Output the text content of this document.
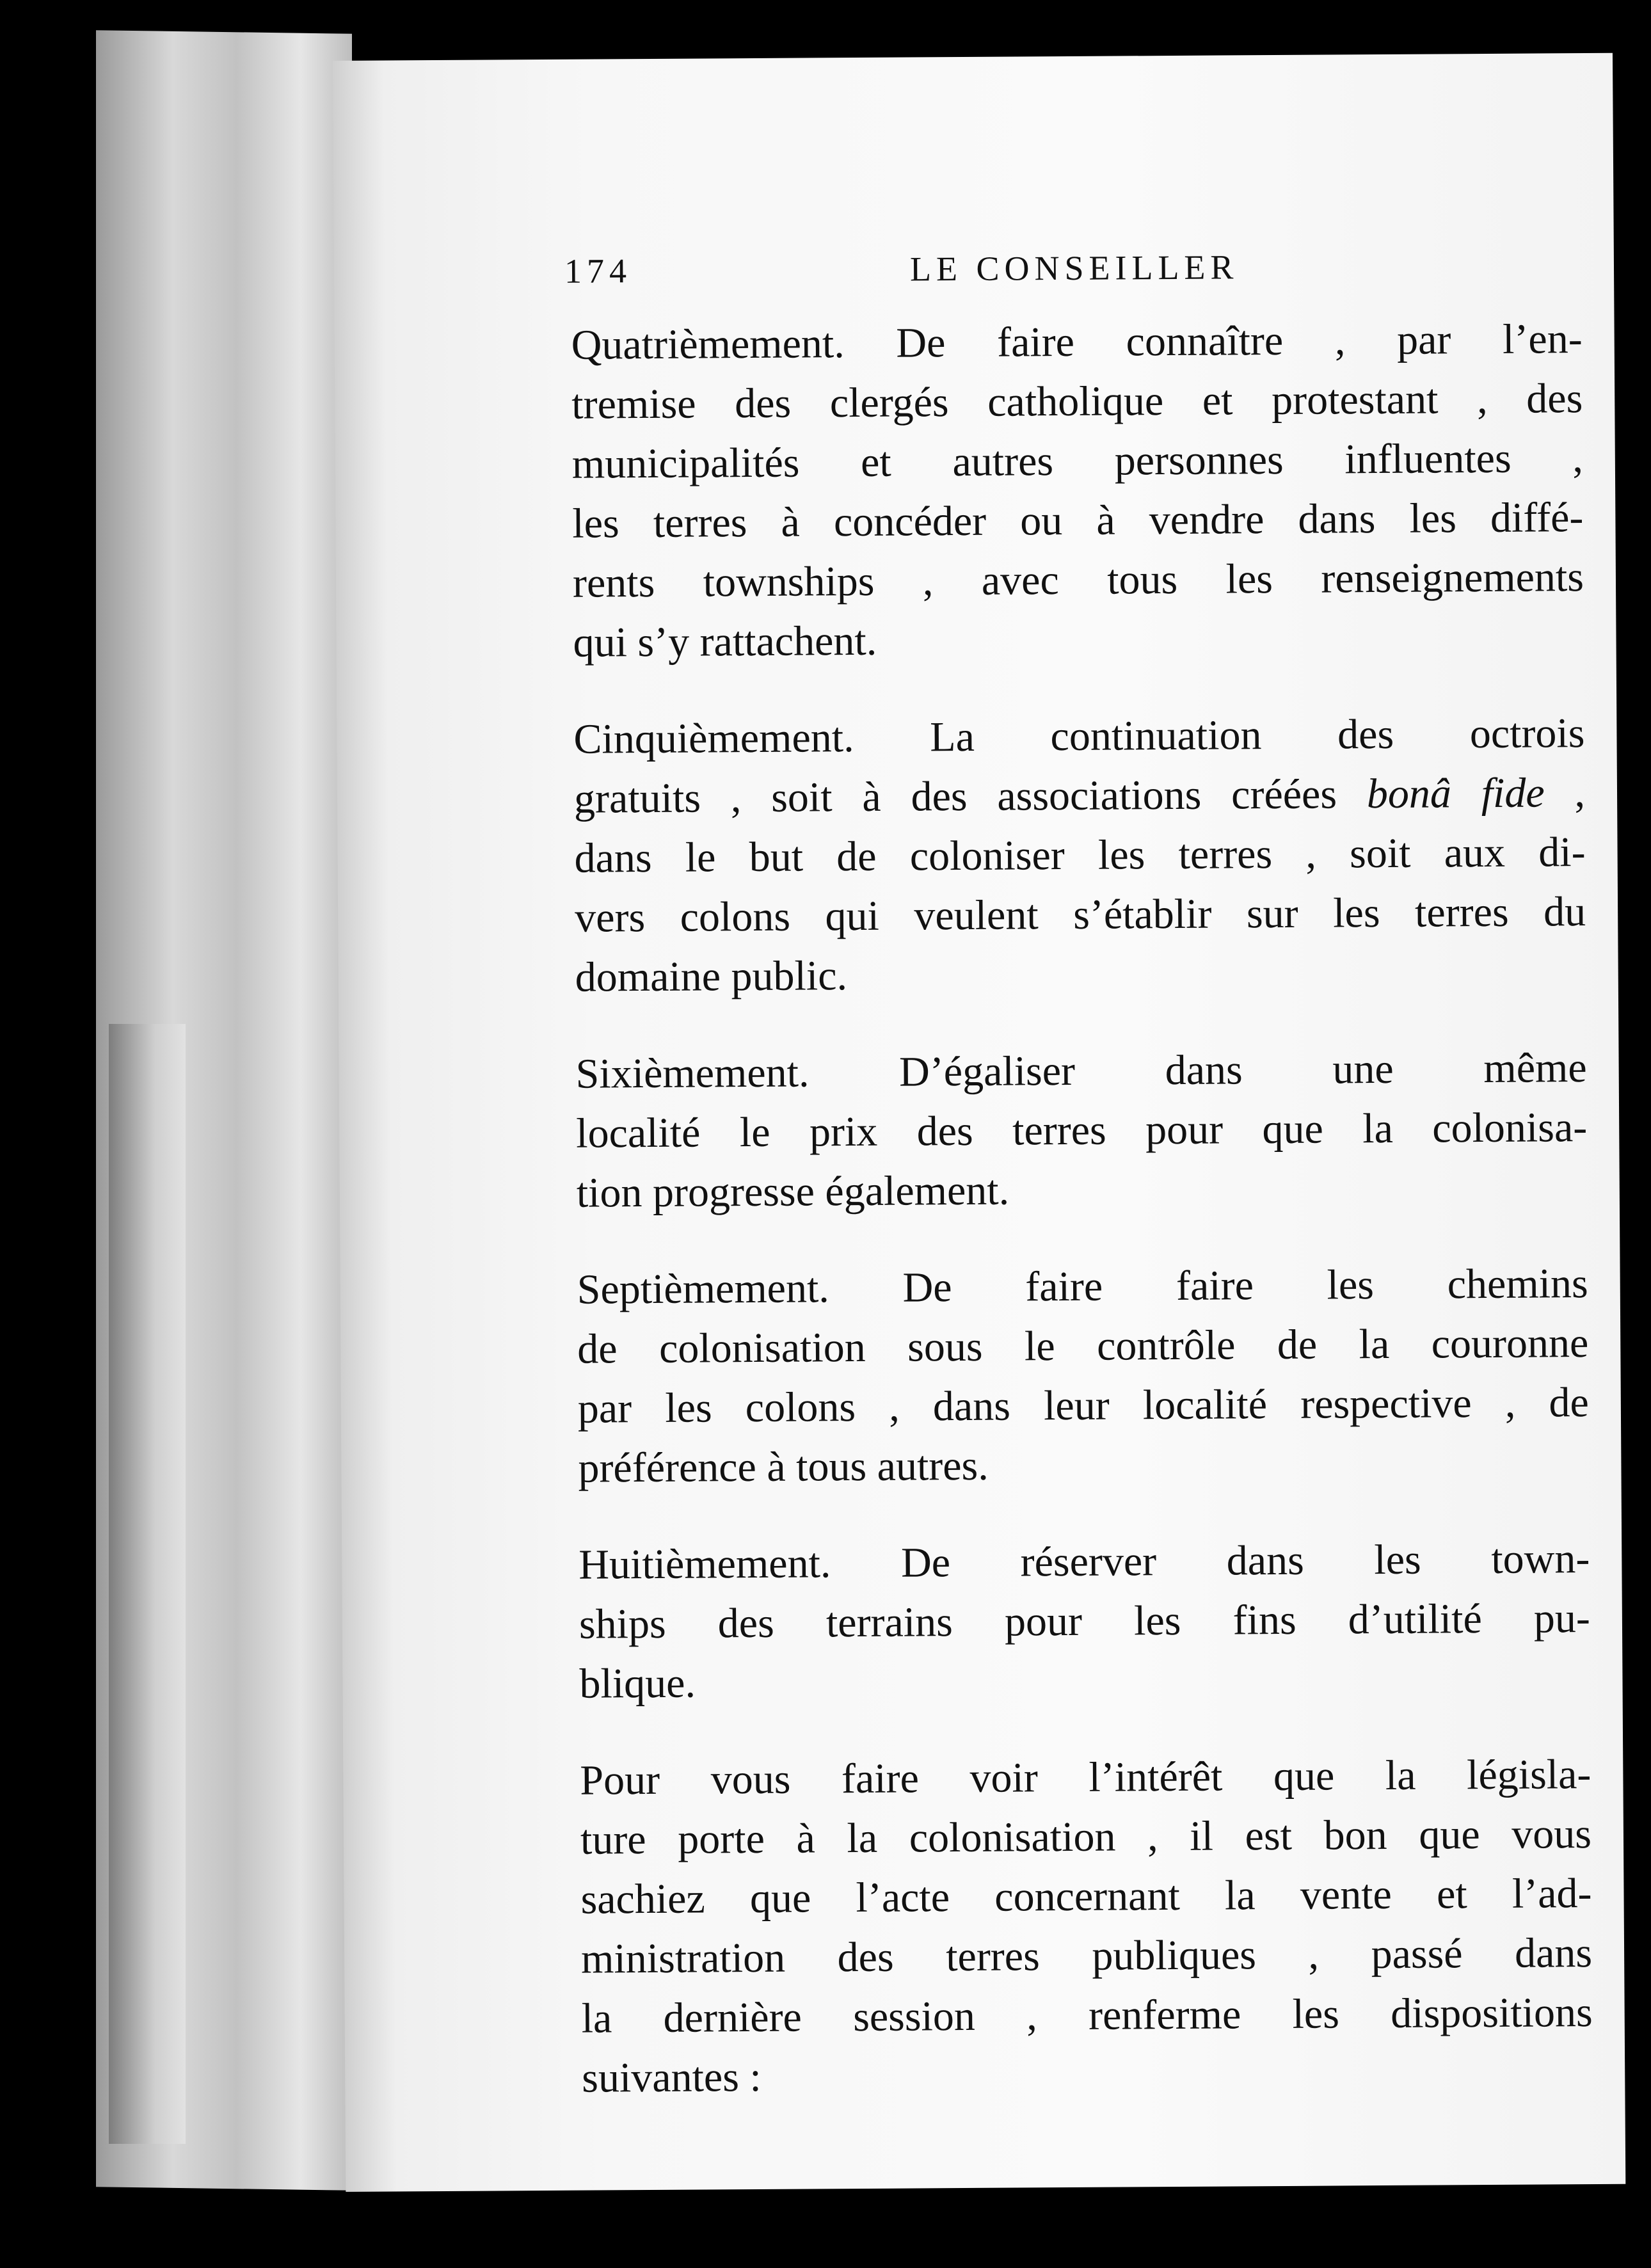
174	LE CONSEILLER

Quatrièmement. De faire connaître , par l’en-
tremise des clergés catholique et protestant , des
municipalités et autres personnes influentes ,
les terres à concéder ou à vendre dans les diffé-
rents townships , avec tous les renseignements
qui s’y rattachent.

Cinquièmement. La continuation des octrois
gratuits , soit à des associations créées bonâ fide ,
dans le but de coloniser les terres , soit aux di-
vers colons qui veulent s’établir sur les terres du
domaine public.

Sixièmement. D’égaliser dans une même
localité le prix des terres pour que la colonisa-
tion progresse également.

Septièmement. De faire faire les chemins
de colonisation sous le contrôle de la couronne
par les colons , dans leur localité respective , de
préférence à tous autres.

Huitièmement. De réserver dans les town-
ships des terrains pour les fins d’utilité pu-
blique.

Pour vous faire voir l’intérêt que la législa-
ture porte à la colonisation , il est bon que vous
sachiez que l’acte concernant la vente et l’ad-
ministration des terres publiques , passé dans
la dernière session , renferme les dispositions
suivantes :
